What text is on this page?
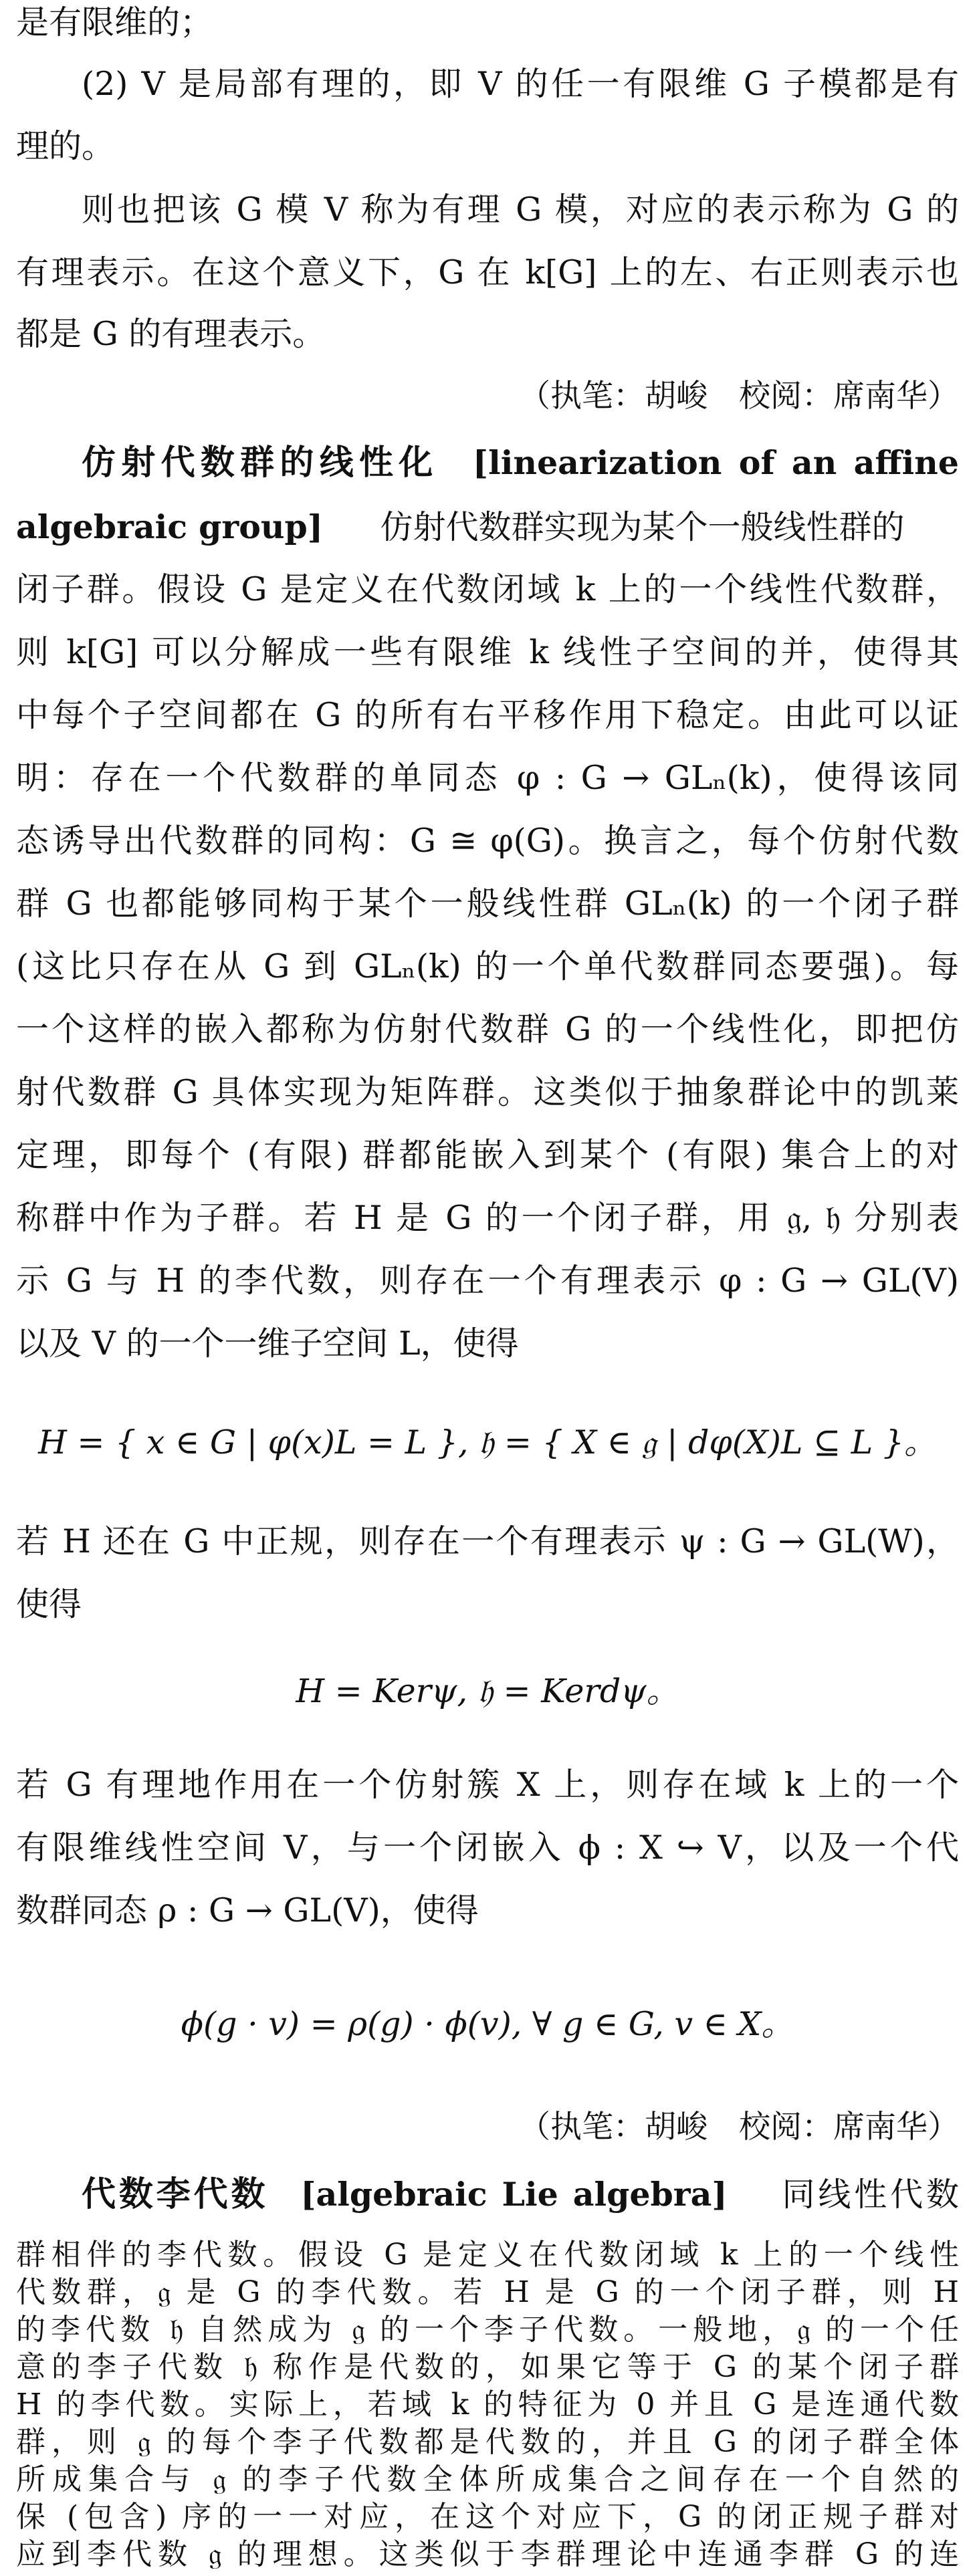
是有限维的；
(2) V 是局部有理的，即 V 的任一有限维 G 子模都是有
理的。
则也把该 G 模 V 称为有理 G 模，对应的表示称为 G 的
有理表示。在这个意义下，G 在 k[G] 上的左、右正则表示也
都是 G 的有理表示。
（执笔：胡峻　校阅：席南华）
仿射代数群的线性化 [linearization of an affine
algebraic group] 仿射代数群实现为某个一般线性群的
闭子群。假设 G 是定义在代数闭域 k 上的一个线性代数群，
则 k[G] 可以分解成一些有限维 k 线性子空间的并，使得其
中每个子空间都在 G 的所有右平移作用下稳定。由此可以证
明：存在一个代数群的单同态 φ : G → GLₙ(k)，使得该同
态诱导出代数群的同构：G ≅ φ(G)。换言之，每个仿射代数
群 G 也都能够同构于某个一般线性群 GLₙ(k) 的一个闭子群
(这比只存在从 G 到 GLₙ(k) 的一个单代数群同态要强)。每
一个这样的嵌入都称为仿射代数群 G 的一个线性化，即把仿
射代数群 G 具体实现为矩阵群。这类似于抽象群论中的凯莱
定理，即每个 (有限) 群都能嵌入到某个 (有限) 集合上的对
称群中作为子群。若 H 是 G 的一个闭子群，用 𝔤, 𝔥 分别表
示 G 与 H 的李代数，则存在一个有理表示 φ : G → GL(V)
以及 V 的一个一维子空间 L，使得
H = { x ∈ G | φ(x)L = L }, 𝔥 = { X ∈ 𝔤 | dφ(X)L ⊆ L }。
若 H 还在 G 中正规，则存在一个有理表示 ψ : G → GL(W)，
使得
H = Kerψ, 𝔥 = Kerdψ。
若 G 有理地作用在一个仿射簇 X 上，则存在域 k 上的一个
有限维线性空间 V，与一个闭嵌入 ϕ : X ↪ V，以及一个代
数群同态 ρ : G → GL(V)，使得
ϕ(g · v) = ρ(g) · ϕ(v), ∀ g ∈ G, v ∈ X。
（执笔：胡峻　校阅：席南华）
代数李代数 [algebraic Lie algebra] 同线性代数
群相伴的李代数。假设 G 是定义在代数闭域 k 上的一个线性
代数群，𝔤 是 G 的李代数。若 H 是 G 的一个闭子群，则 H
的李代数 𝔥 自然成为 𝔤 的一个李子代数。一般地，𝔤 的一个任
意的李子代数 𝔥 称作是代数的，如果它等于 G 的某个闭子群
H 的李代数。实际上，若域 k 的特征为 0 并且 G 是连通代数
群，则 𝔤 的每个李子代数都是代数的，并且 G 的闭子群全体
所成集合与 𝔤 的李子代数全体所成集合之间存在一个自然的
保 (包含) 序的一一对应，在这个对应下，G 的闭正规子群对
应到李代数 𝔤 的理想。这类似于李群理论中连通李群 G 的连
